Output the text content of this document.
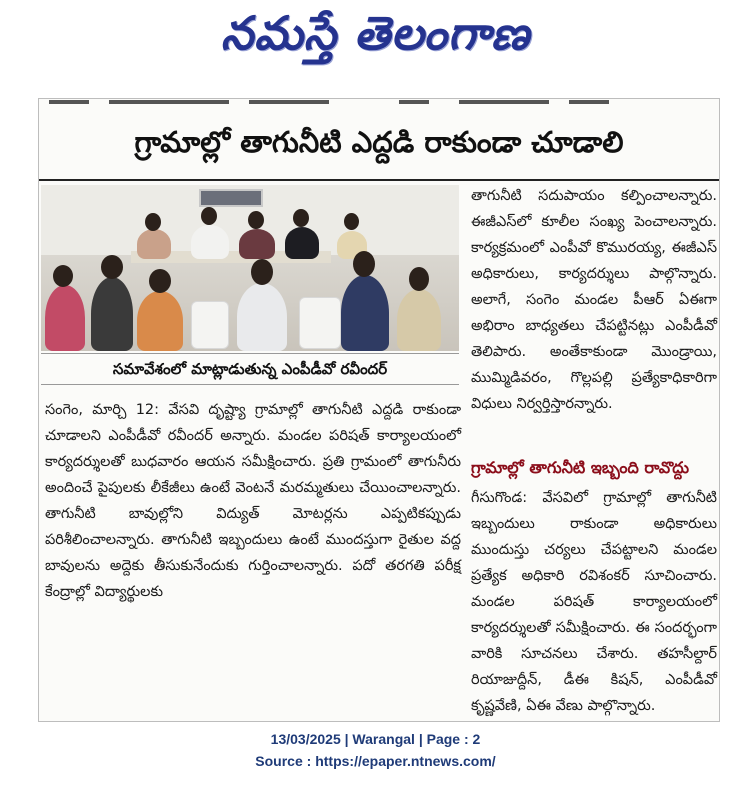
నమస్తే తెలంగాణ
గ్రామాల్లో తాగునీటి ఎద్దడి రాకుండా చూడాలి
సమావేశంలో మాట్లాడుతున్న ఎంపీడీవో రవీందర్
సంగెం, మార్చి 12: వేసవి దృష్ట్యా గ్రామాల్లో తాగునీటి ఎద్దడి రాకుండా చూడాలని ఎంపీడీవో రవీందర్ అన్నారు. మండల పరిషత్ కార్యాలయంలో కార్యదర్శులతో బుధవారం ఆయన సమీక్షించారు. ప్రతి గ్రామంలో తాగునీరు అందించే పైపులకు లీకేజీలు ఉంటే వెంటనే మరమ్మతులు చేయించాలన్నారు. తాగునీటి బావుల్లోని విద్యుత్ మోటర్లను ఎప్పటికప్పుడు పరిశీలించాలన్నారు. తాగునీటి ఇబ్బందులు ఉంటే ముందస్తుగా రైతుల వద్ద బావులను అద్దెకు తీసుకునేందుకు గుర్తించాలన్నారు. పదో తరగతి పరీక్ష కేంద్రాల్లో విద్యార్థులకు
తాగునీటి సదుపాయం కల్పించాలన్నారు. ఈజీఎస్‌లో కూలీల సంఖ్య పెంచాలన్నారు. కార్యక్రమంలో ఎంపీవో కొమురయ్య, ఈజీఎస్ అధికారులు, కార్యదర్శులు పాల్గొన్నారు. అలాగే, సంగెం మండల పీఆర్ ఏఈగా అభిరాం బాధ్యతలు చేపట్టినట్లు ఎంపీడీవో తెలిపారు. అంతేకాకుండా మొండ్రాయి, ముమ్మిడివరం, గొల్లపల్లి ప్రత్యేకాధికారిగా విధులు నిర్వర్తిస్తారన్నారు.
గ్రామాల్లో తాగునీటి ఇబ్బంది రావొద్దు
గీసుగొండ: వేసవిలో గ్రామాల్లో తాగునీటి ఇబ్బందులు రాకుండా అధికారులు ముందుస్తు చర్యలు చేపట్టాలని మండల ప్రత్యేక అధికారి రవిశంకర్ సూచించారు. మండల పరిషత్ కార్యాలయంలో కార్యదర్శులతో సమీక్షించారు. ఈ సందర్భంగా వారికి సూచనలు చేశారు. తహసీల్దార్ రియాజుద్దీన్, డీఈ కిషన్, ఎంపీడీవో కృష్ణవేణి, ఏఈ వేణు పాల్గొన్నారు.
13/03/2025 | Warangal | Page : 2
Source : https://epaper.ntnews.com/
